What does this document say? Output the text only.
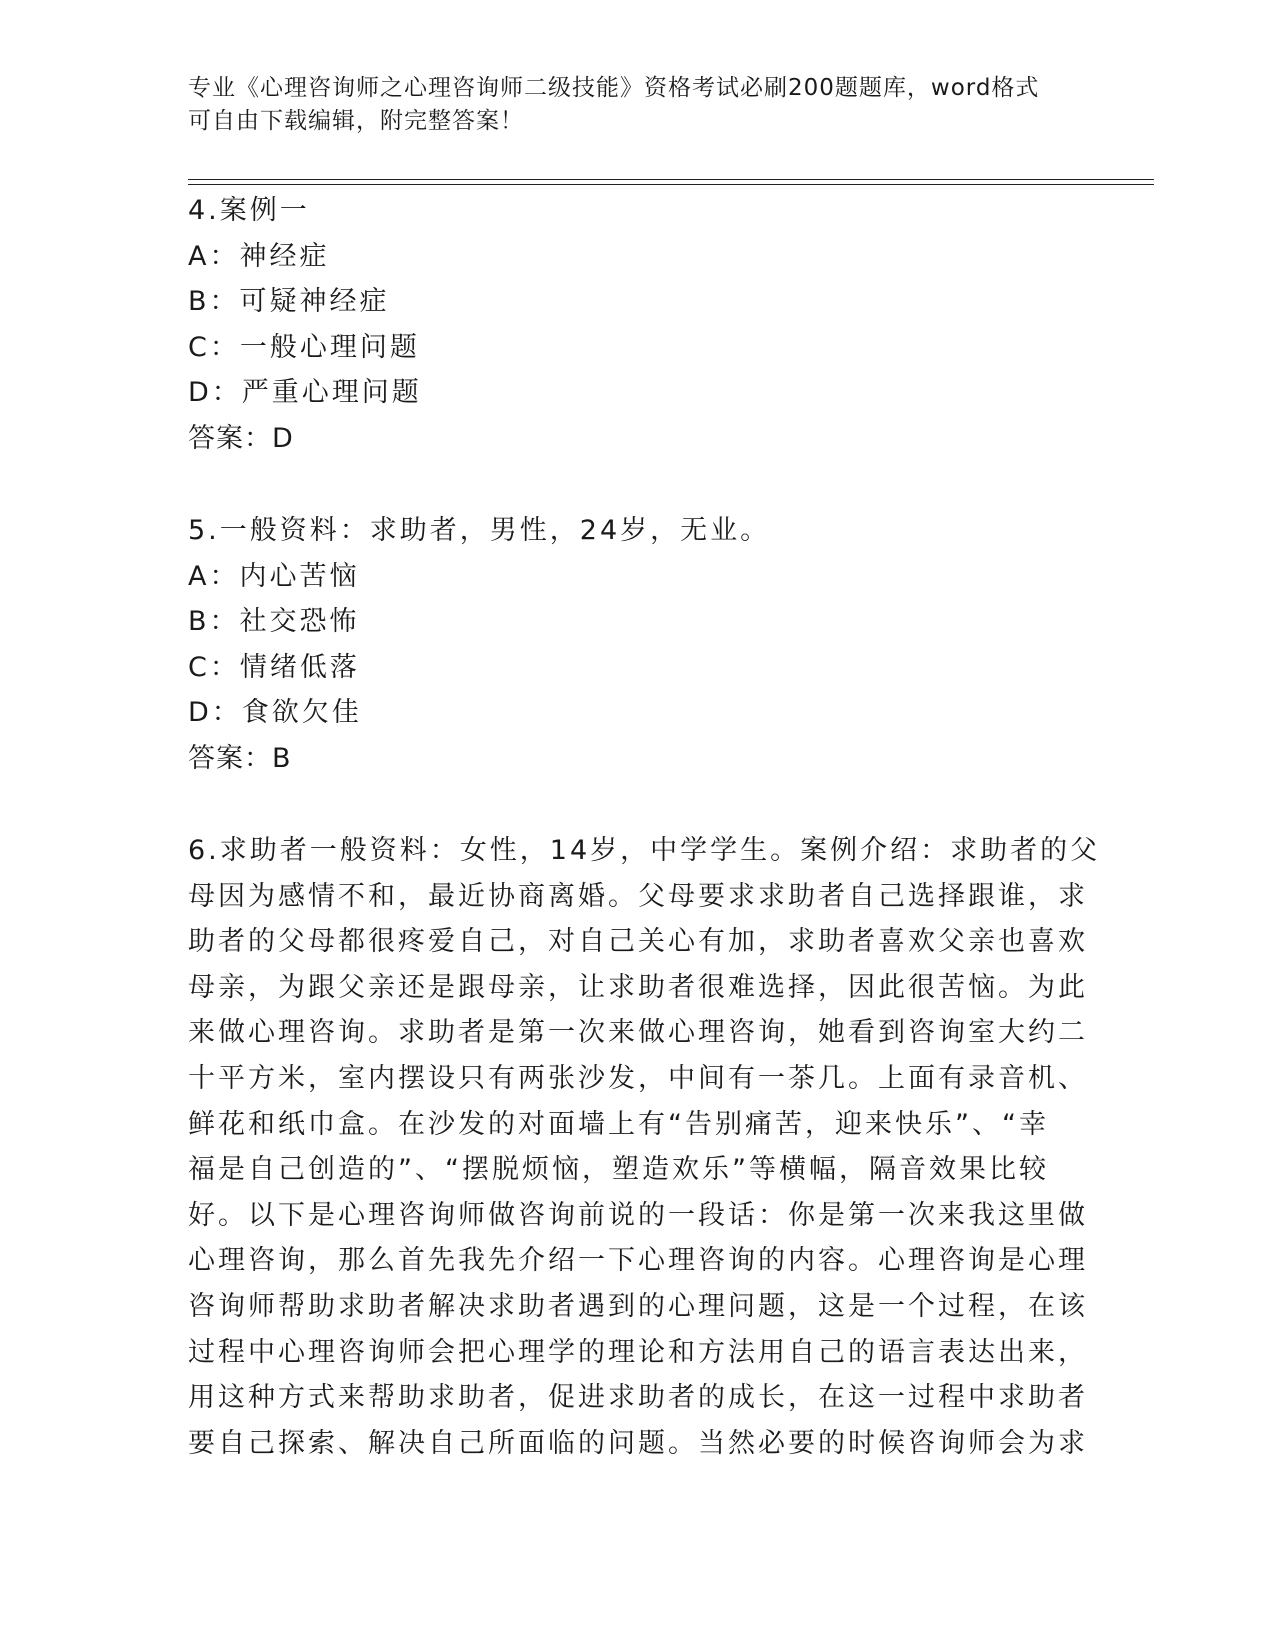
专业《心理咨询师之心理咨询师二级技能》资格考试必刷200题题库，word格式
可自由下载编辑，附完整答案！
4.案例一
A：神经症
B：可疑神经症
C：一般心理问题
D：严重心理问题
答案：D
5.一般资料：求助者，男性，24岁，无业。
A：内心苦恼
B：社交恐怖
C：情绪低落
D：食欲欠佳
答案：B
6.求助者一般资料：女性，14岁，中学学生。案例介绍：求助者的父
母因为感情不和，最近协商离婚。父母要求求助者自己选择跟谁，求
助者的父母都很疼爱自己，对自己关心有加，求助者喜欢父亲也喜欢
母亲，为跟父亲还是跟母亲，让求助者很难选择，因此很苦恼。为此
来做心理咨询。求助者是第一次来做心理咨询，她看到咨询室大约二
十平方米，室内摆设只有两张沙发，中间有一茶几。上面有录音机、
鲜花和纸巾盒。在沙发的对面墙上有“告别痛苦，迎来快乐”、“幸
福是自己创造的”、“摆脱烦恼，塑造欢乐”等横幅，隔音效果比较
好。以下是心理咨询师做咨询前说的一段话：你是第一次来我这里做
心理咨询，那么首先我先介绍一下心理咨询的内容。心理咨询是心理
咨询师帮助求助者解决求助者遇到的心理问题，这是一个过程，在该
过程中心理咨询师会把心理学的理论和方法用自己的语言表达出来，
用这种方式来帮助求助者，促进求助者的成长，在这一过程中求助者
要自己探索、解决自己所面临的问题。当然必要的时候咨询师会为求
